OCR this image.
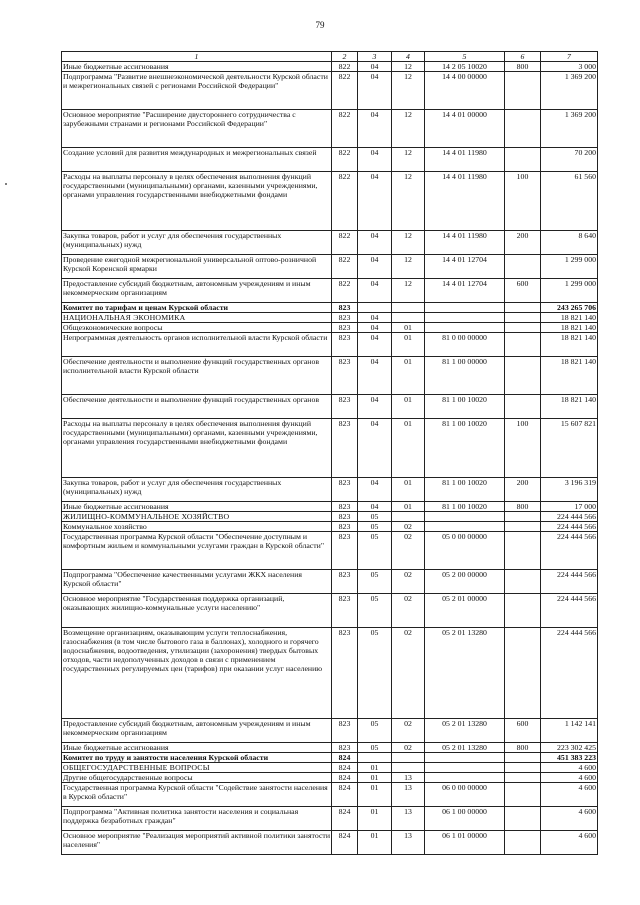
79
1	2	3	4	5	6	7
Иные бюджетные ассигнования	822	04	12	14 2 05 10020	800	3 000
Подпрограмма "Развитие внешнеэкономической деятельности Курской области и межрегиональных связей с регионами Российской Федерации"	822	04	12	14 4 00 00000		1 369 200
Основное мероприятие "Расширение двустороннего сотрудничества с зарубежными странами и регионами Российской Федерации"	822	04	12	14 4 01 00000		1 369 200
Создание условий для развития международных и межрегиональных связей	822	04	12	14 4 01 11980		70 200
Расходы на выплаты персоналу в целях обеспечения выполнения функций государственными (муниципальными) органами, казенными учреждениями, органами управления государственными внебюджетными фондами	822	04	12	14 4 01 11980	100	61 560
Закупка товаров, работ и услуг для обеспечения государственных (муниципальных) нужд	822	04	12	14 4 01 11980	200	8 640
Проведение ежегодной межрегиональной универсальной оптово-розничной Курской Коренской ярмарки	822	04	12	14 4 01 12704		1 299 000
Предоставление субсидий бюджетным, автономным учреждениям и иным некоммерческим организациям	822	04	12	14 4 01 12704	600	1 299 000
Комитет по тарифам и ценам Курской области	823					243 265 706
НАЦИОНАЛЬНАЯ ЭКОНОМИКА	823	04				18 821 140
Общеэкономические вопросы	823	04	01			18 821 140
Непрограммная деятельность органов исполнительной власти Курской области	823	04	01	81 0 00 00000		18 821 140
Обеспечение деятельности и выполнение функций государственных органов исполнительной власти Курской области	823	04	01	81 1 00 00000		18 821 140
Обеспечение деятельности и выполнение функций государственных органов	823	04	01	81 1 00 10020		18 821 140
Расходы на выплаты персоналу в целях обеспечения выполнения функций государственными (муниципальными) органами, казенными учреждениями, органами управления государственными внебюджетными фондами	823	04	01	81 1 00 10020	100	15 607 821
Закупка товаров, работ и услуг для обеспечения государственных (муниципальных) нужд	823	04	01	81 1 00 10020	200	3 196 319
Иные бюджетные ассигнования	823	04	01	81 1 00 10020	800	17 000
ЖИЛИЩНО-КОММУНАЛЬНОЕ ХОЗЯЙСТВО	823	05				224 444 566
Коммунальное хозяйство	823	05	02			224 444 566
Государственная программа Курской области "Обеспечение доступным и комфортным жильем и коммунальными услугами граждан в Курской области"	823	05	02	05 0 00 00000		224 444 566
Подпрограмма "Обеспечение качественными услугами ЖКХ населения Курской области"	823	05	02	05 2 00 00000		224 444 566
Основное мероприятие "Государственная поддержка организаций, оказывающих жилищно-коммунальные услуги населению"	823	05	02	05 2 01 00000		224 444 566
Возмещение организациям, оказывающим услуги теплоснабжения, газоснабжения (в том числе бытового газа в баллонах), холодного и горячего водоснабжения, водоотведения, утилизации (захоронения) твердых бытовых отходов, части недополученных доходов в связи с применением государственных регулируемых цен (тарифов) при оказании услуг населению	823	05	02	05 2 01 13280		224 444 566
Предоставление субсидий бюджетным, автономным учреждениям и иным некоммерческим организациям	823	05	02	05 2 01 13280	600	1 142 141
Иные бюджетные ассигнования	823	05	02	05 2 01 13280	800	223 302 425
Комитет по труду и занятости населения Курской области	824					451 383 223
ОБЩЕГОСУДАРСТВЕННЫЕ ВОПРОСЫ	824	01				4 600
Другие общегосударственные вопросы	824	01	13			4 600
Государственная программа Курской области "Содействие занятости населения в Курской области"	824	01	13	06 0 00 00000		4 600
Подпрограмма "Активная политика занятости населения и социальная поддержка безработных граждан"	824	01	13	06 1 00 00000		4 600
Основное мероприятие "Реализация мероприятий активной политики занятости населения"	824	01	13	06 1 01 00000		4 600
